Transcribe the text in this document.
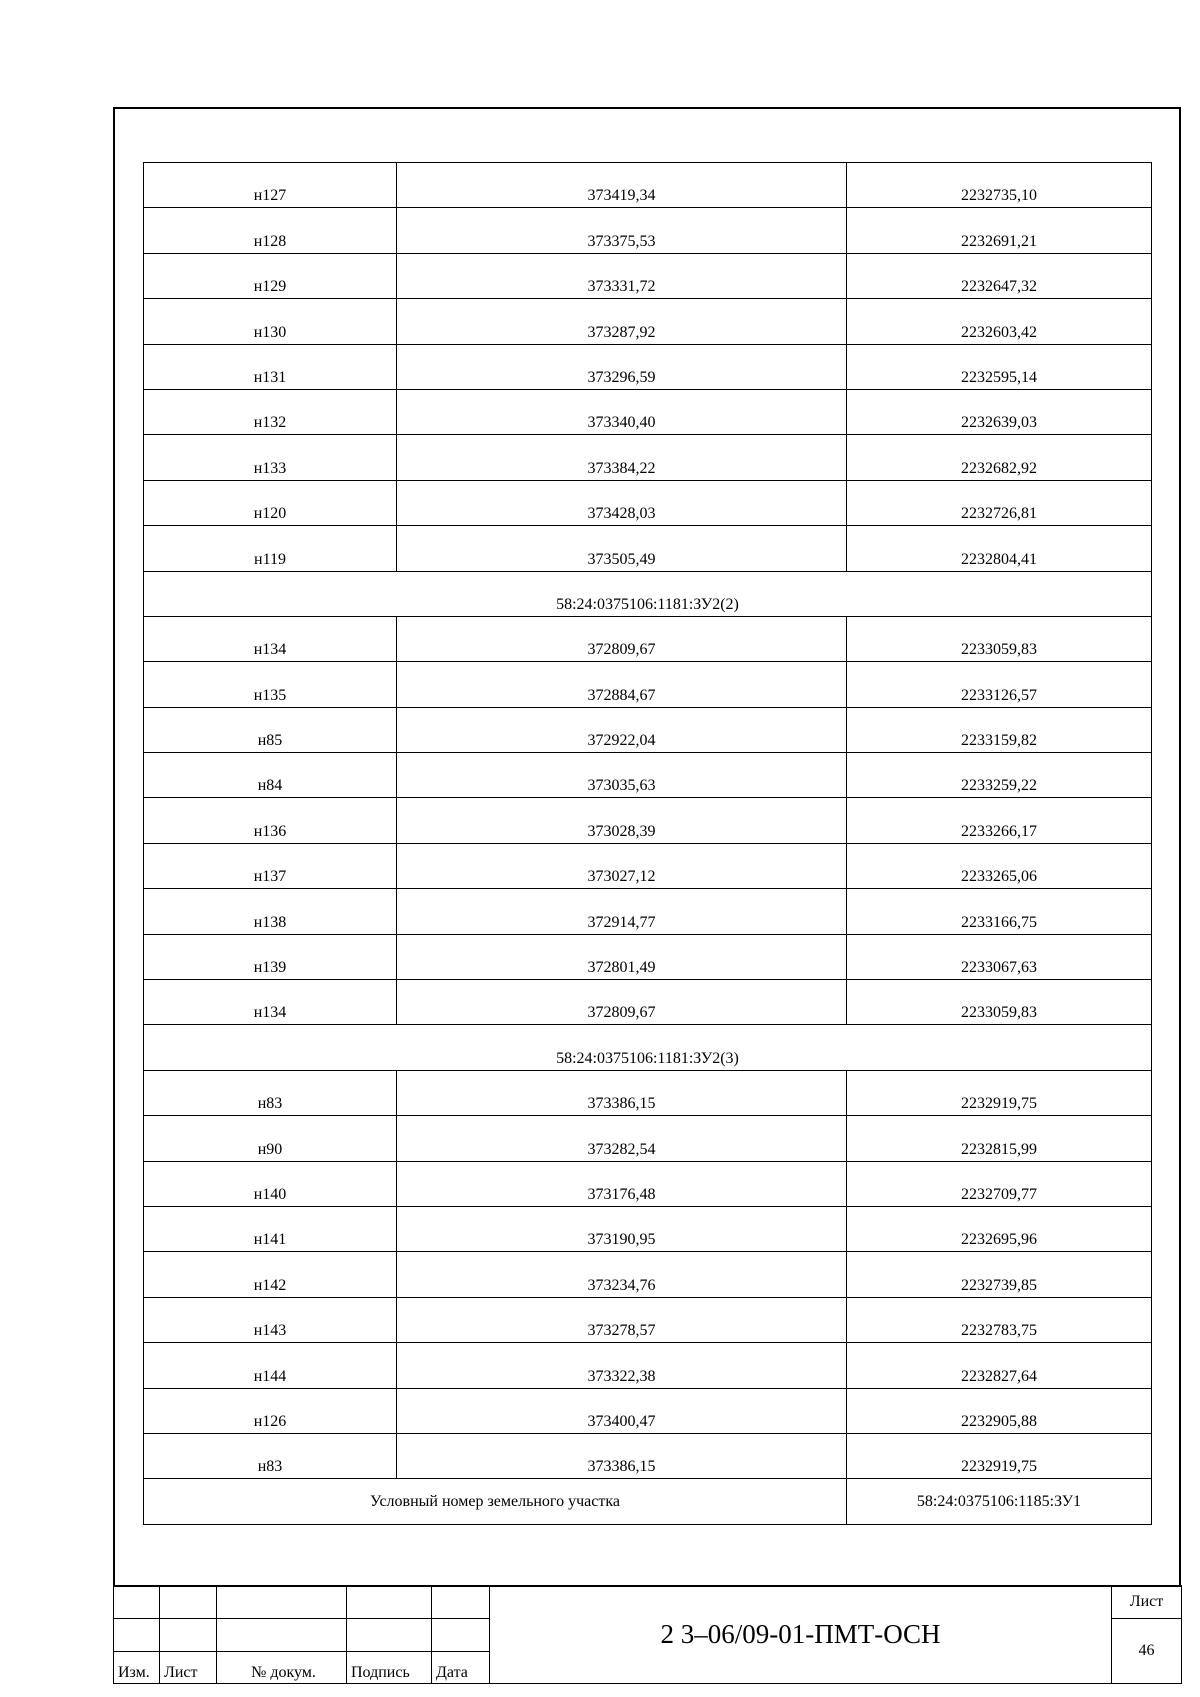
н127	373419,34	2232735,10
н128	373375,53	2232691,21
н129	373331,72	2232647,32
н130	373287,92	2232603,42
н131	373296,59	2232595,14
н132	373340,40	2232639,03
н133	373384,22	2232682,92
н120	373428,03	2232726,81
н119	373505,49	2232804,41
58:24:0375106:1181:ЗУ2(2)		
н134	372809,67	2233059,83
н135	372884,67	2233126,57
н85	372922,04	2233159,82
н84	373035,63	2233259,22
н136	373028,39	2233266,17
н137	373027,12	2233265,06
н138	372914,77	2233166,75
н139	372801,49	2233067,63
н134	372809,67	2233059,83
58:24:0375106:1181:ЗУ2(3)		
н83	373386,15	2232919,75
н90	373282,54	2232815,99
н140	373176,48	2232709,77
н141	373190,95	2232695,96
н142	373234,76	2232739,85
н143	373278,57	2232783,75
н144	373322,38	2232827,64
н126	373400,47	2232905,88
н83	373386,15	2232919,75
Условный номер земельного участка		58:24:0375106:1185:ЗУ1
					2 3–06/09-01-ПМТ-ОСН	Лист
						46
Изм.	Лист	№ докум.	Подпись	Дата		
